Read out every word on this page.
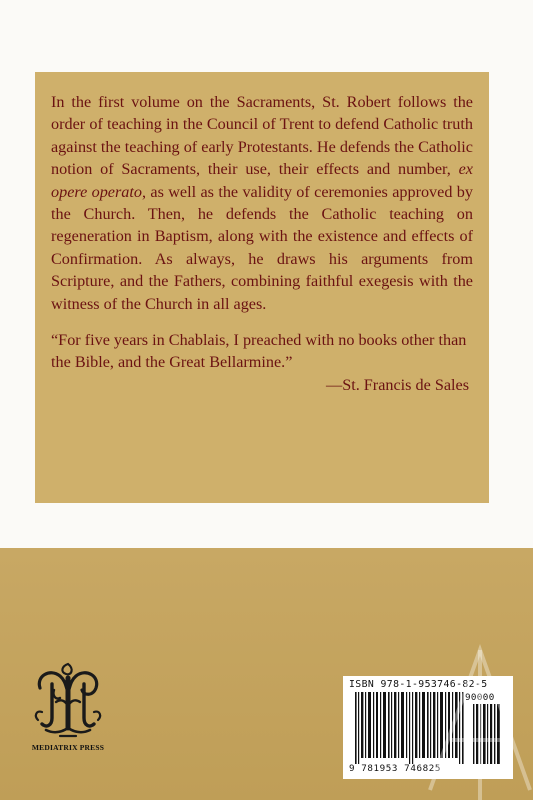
In the first volume on the Sacraments, St. Robert follows the order of teaching in the Council of Trent to defend Catholic truth against the teaching of early Protestants. He defends the Catholic notion of Sacraments, their use, their effects and number, ex opere operato, as well as the validity of ceremonies approved by the Church. Then, he defends the Catholic teaching on regeneration in Baptism, along with the existence and effects of Confirmation. As always, he draws his arguments from Scripture, and the Fathers, combining faithful exegesis with the witness of the Church in all ages.

“For five years in Chablais, I preached with no books other than the Bible, and the Great Bellarmine.”

—St. Francis de Sales

MEDIATRIX PRESS
ISBN 978-1-953746-82-5
90000
9 781953 746825
